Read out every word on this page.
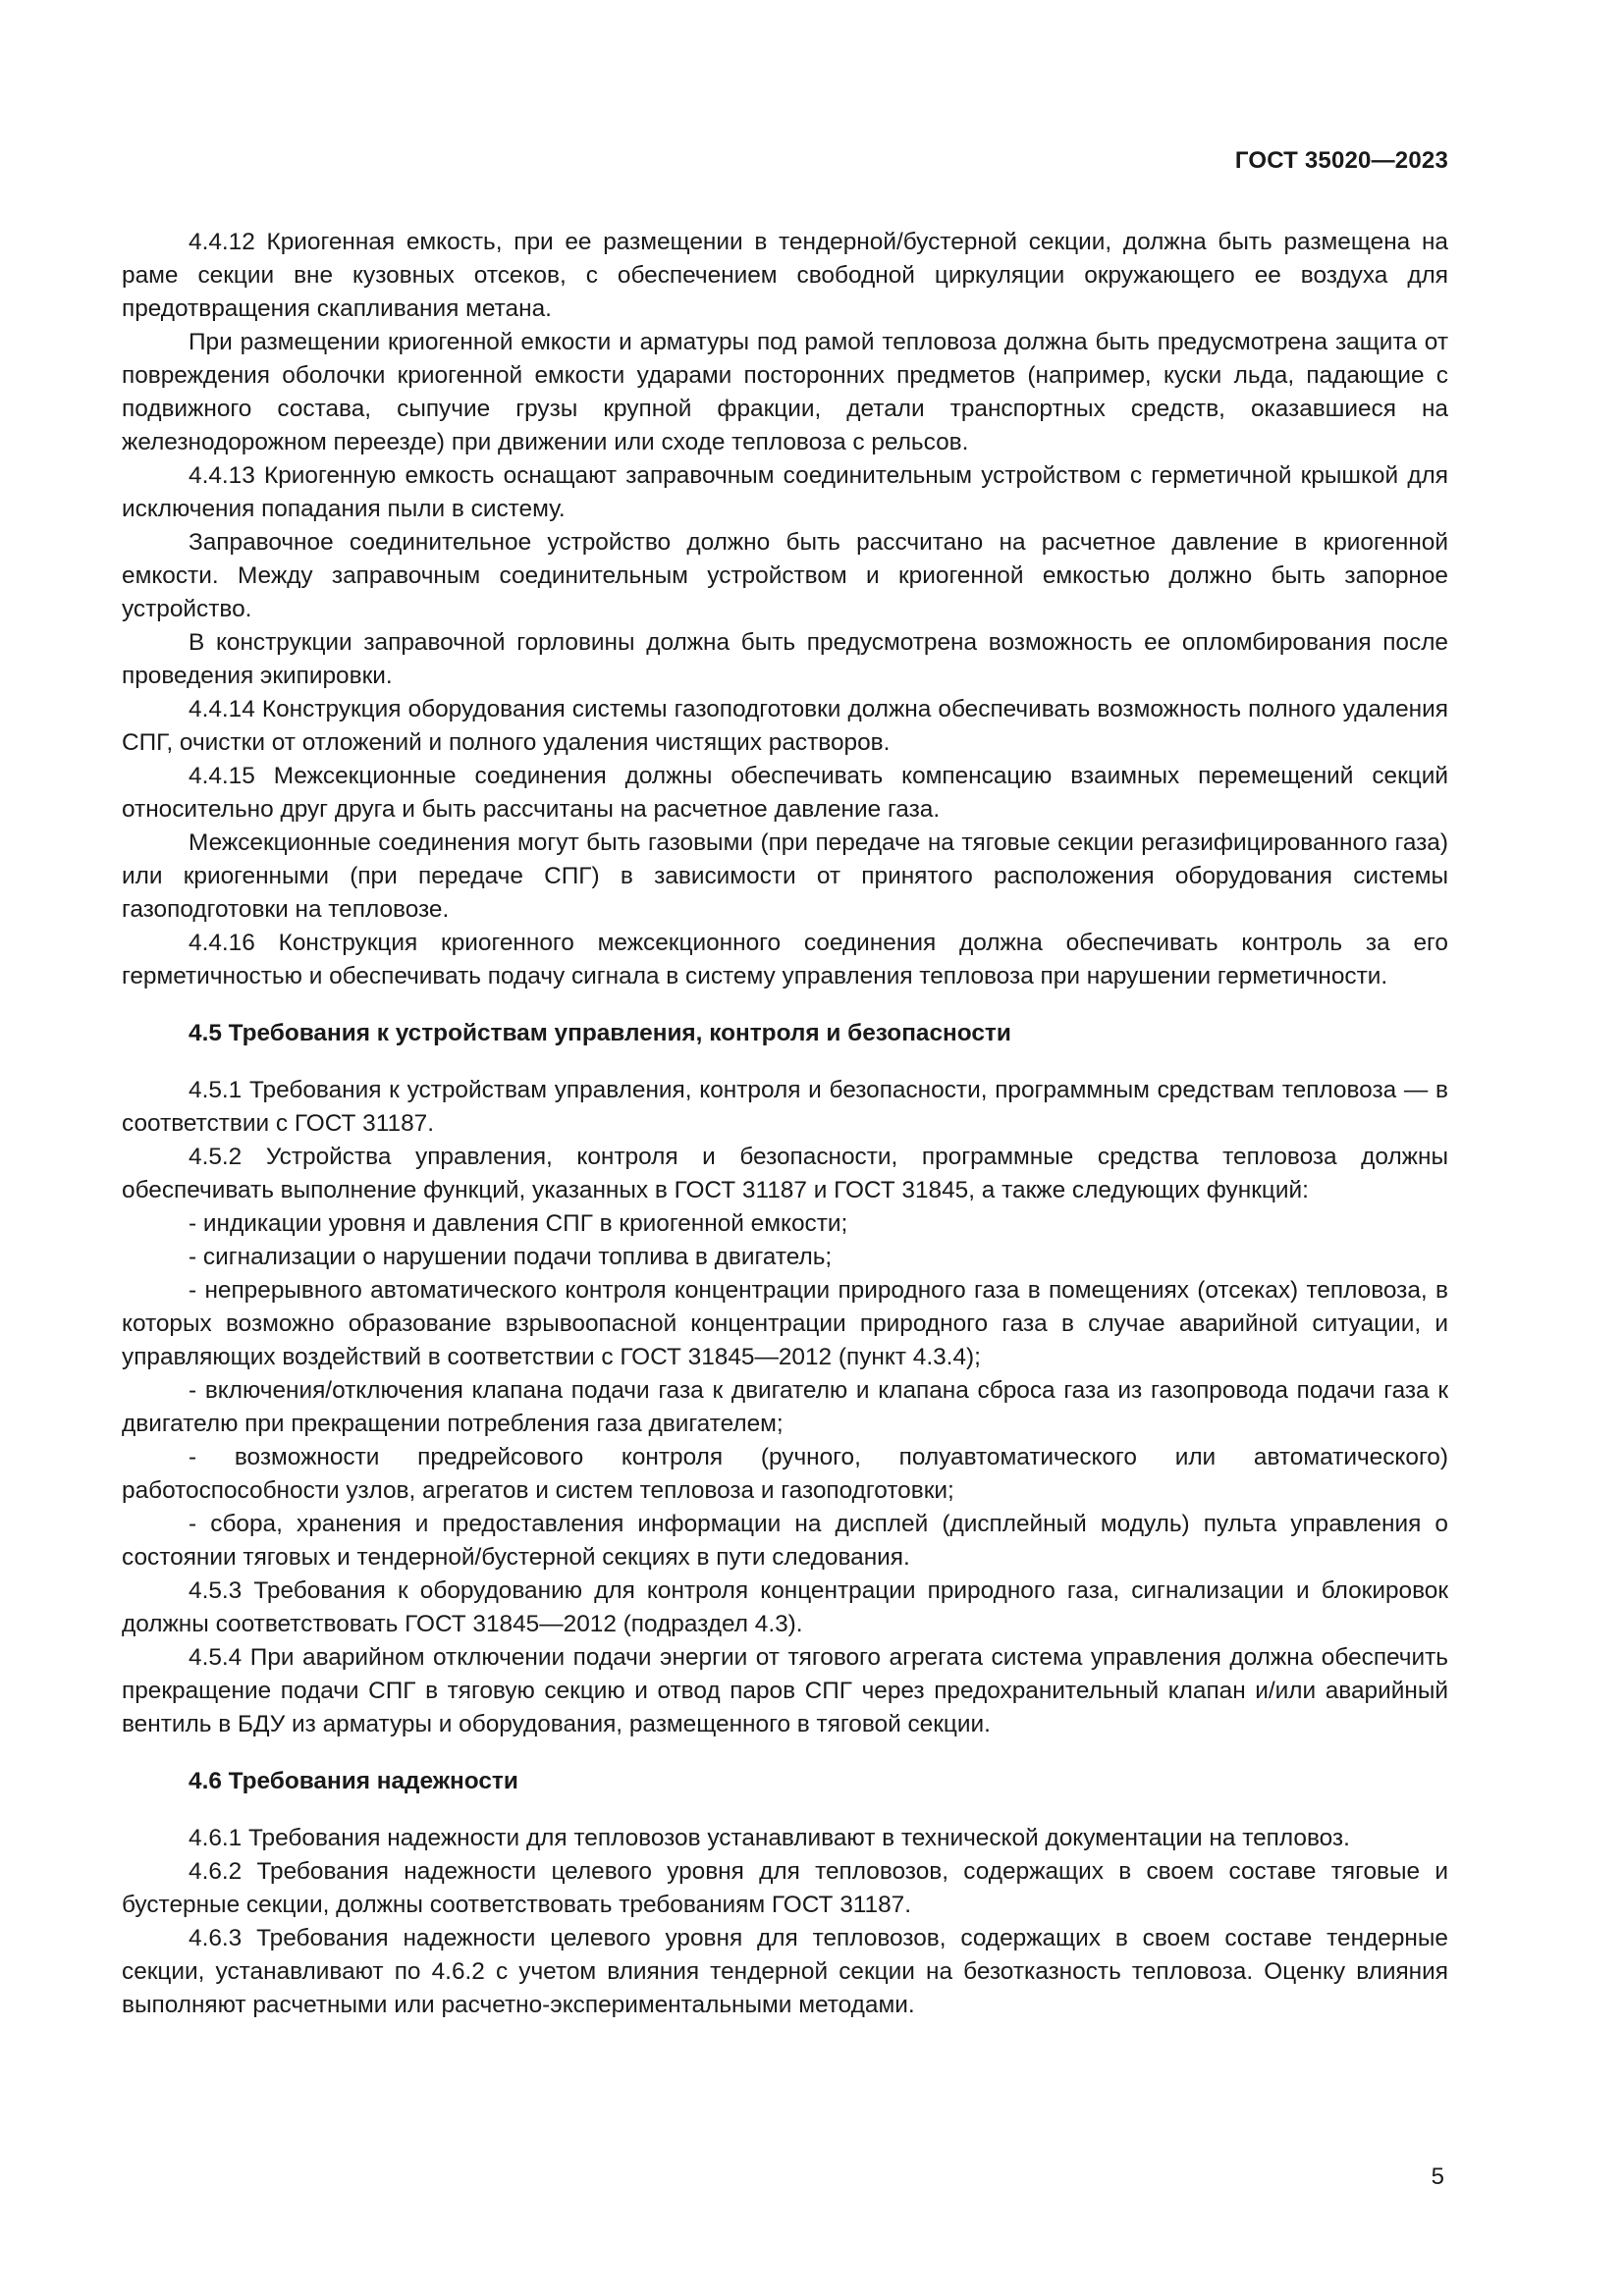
ГОСТ 35020—2023

4.4.12 Криогенная емкость, при ее размещении в тендерной/бустерной секции, должна быть размещена на раме секции вне кузовных отсеков, с обеспечением свободной циркуляции окружающего ее воздуха для предотвращения скапливания метана.

При размещении криогенной емкости и арматуры под рамой тепловоза должна быть предусмотрена защита от повреждения оболочки криогенной емкости ударами посторонних предметов (например, куски льда, падающие с подвижного состава, сыпучие грузы крупной фракции, детали транспортных средств, оказавшиеся на железнодорожном переезде) при движении или сходе тепловоза с рельсов.

4.4.13 Криогенную емкость оснащают заправочным соединительным устройством с герметичной крышкой для исключения попадания пыли в систему.

Заправочное соединительное устройство должно быть рассчитано на расчетное давление в криогенной емкости. Между заправочным соединительным устройством и криогенной емкостью должно быть запорное устройство.

В конструкции заправочной горловины должна быть предусмотрена возможность ее опломбирования после проведения экипировки.

4.4.14 Конструкция оборудования системы газоподготовки должна обеспечивать возможность полного удаления СПГ, очистки от отложений и полного удаления чистящих растворов.

4.4.15 Межсекционные соединения должны обеспечивать компенсацию взаимных перемещений секций относительно друг друга и быть рассчитаны на расчетное давление газа.

Межсекционные соединения могут быть газовыми (при передаче на тяговые секции регазифицированного газа) или криогенными (при передаче СПГ) в зависимости от принятого расположения оборудования системы газоподготовки на тепловозе.

4.4.16 Конструкция криогенного межсекционного соединения должна обеспечивать контроль за его герметичностью и обеспечивать подачу сигнала в систему управления тепловоза при нарушении герметичности.

4.5 Требования к устройствам управления, контроля и безопасности

4.5.1 Требования к устройствам управления, контроля и безопасности, программным средствам тепловоза — в соответствии с ГОСТ 31187.

4.5.2 Устройства управления, контроля и безопасности, программные средства тепловоза должны обеспечивать выполнение функций, указанных в ГОСТ 31187 и ГОСТ 31845, а также следующих функций:

- индикации уровня и давления СПГ в криогенной емкости;

- сигнализации о нарушении подачи топлива в двигатель;

- непрерывного автоматического контроля концентрации природного газа в помещениях (отсеках) тепловоза, в которых возможно образование взрывоопасной концентрации природного газа в случае аварийной ситуации, и управляющих воздействий в соответствии с ГОСТ 31845—2012 (пункт 4.3.4);

- включения/отключения клапана подачи газа к двигателю и клапана сброса газа из газопровода подачи газа к двигателю при прекращении потребления газа двигателем;

- возможности предрейсового контроля (ручного, полуавтоматического или автоматического) работоспособности узлов, агрегатов и систем тепловоза и газоподготовки;

- сбора, хранения и предоставления информации на дисплей (дисплейный модуль) пульта управления о состоянии тяговых и тендерной/бустерной секциях в пути следования.

4.5.3 Требования к оборудованию для контроля концентрации природного газа, сигнализации и блокировок должны соответствовать ГОСТ 31845—2012 (подраздел 4.3).

4.5.4 При аварийном отключении подачи энергии от тягового агрегата система управления должна обеспечить прекращение подачи СПГ в тяговую секцию и отвод паров СПГ через предохранительный клапан и/или аварийный вентиль в БДУ из арматуры и оборудования, размещенного в тяговой секции.

4.6 Требования надежности

4.6.1 Требования надежности для тепловозов устанавливают в технической документации на тепловоз.

4.6.2 Требования надежности целевого уровня для тепловозов, содержащих в своем составе тяговые и бустерные секции, должны соответствовать требованиям ГОСТ 31187.

4.6.3 Требования надежности целевого уровня для тепловозов, содержащих в своем составе тендерные секции, устанавливают по 4.6.2 с учетом влияния тендерной секции на безотказность тепловоза. Оценку влияния выполняют расчетными или расчетно-экспериментальными методами.

5
